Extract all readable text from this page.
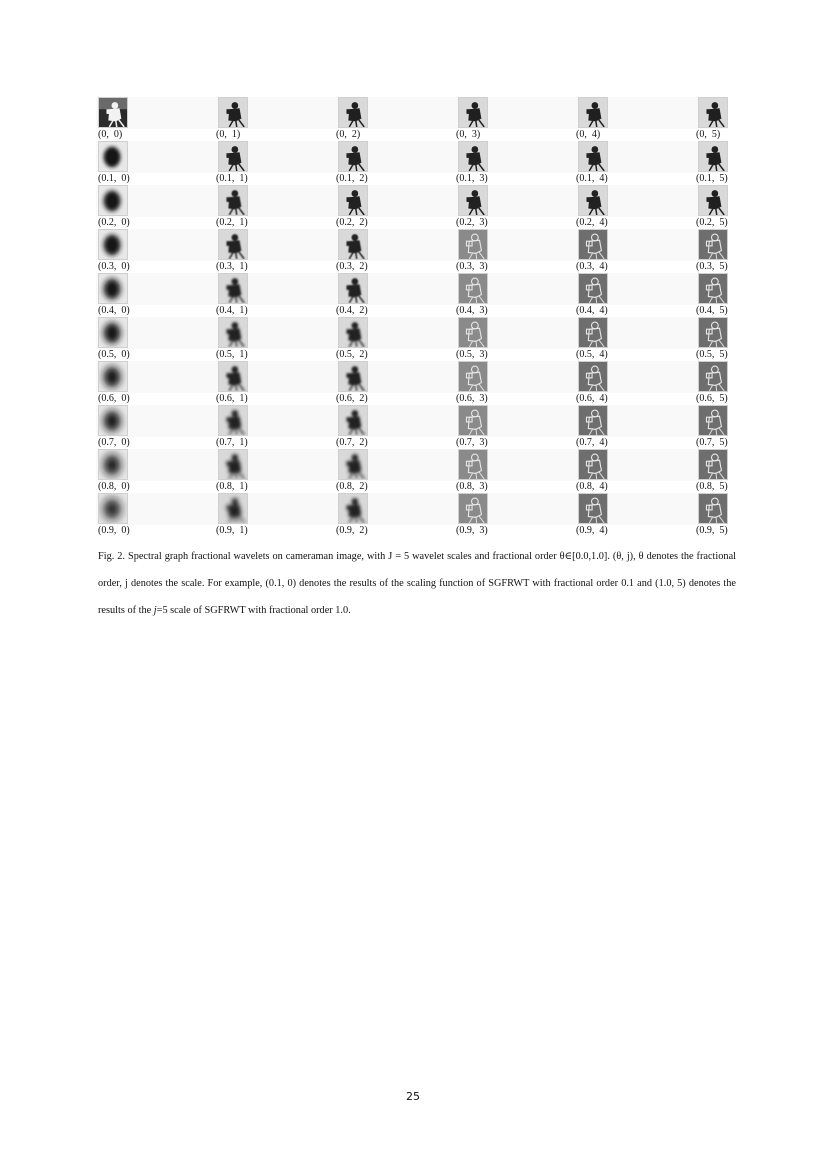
(0,  0)	(0,  1)	(0,  2)	(0,  3)	(0,  4)	(0,  5)
(0.1,  0)	(0.1,  1)	(0.1,  2)	(0.1,  3)	(0.1,  4)	(0.1,  5)
(0.2,  0)	(0.2,  1)	(0.2,  2)	(0.2,  3)	(0.2,  4)	(0.2,  5)
(0.3,  0)	(0.3,  1)	(0.3,  2)	(0.3,  3)	(0.3,  4)	(0.3,  5)
(0.4,  0)	(0.4,  1)	(0.4,  2)	(0.4,  3)	(0.4,  4)	(0.4,  5)
(0.5,  0)	(0.5,  1)	(0.5,  2)	(0.5,  3)	(0.5,  4)	(0.5,  5)
(0.6,  0)	(0.6,  1)	(0.6,  2)	(0.6,  3)	(0.6,  4)	(0.6,  5)
(0.7,  0)	(0.7,  1)	(0.7,  2)	(0.7,  3)	(0.7,  4)	(0.7,  5)
(0.8,  0)	(0.8,  1)	(0.8,  2)	(0.8,  3)	(0.8,  4)	(0.8,  5)
(0.9,  0)	(0.9,  1)	(0.9,  2)	(0.9,  3)	(0.9,  4)	(0.9,  5)

Fig. 2. Spectral graph fractional wavelets on cameraman image, with J = 5 wavelet scales and fractional order θ∈[0.0,1.0]. (θ, j), θ denotes the fractional order, j denotes the scale. For example, (0.1, 0) denotes the results of the scaling function of SGFRWT with fractional order 0.1 and (1.0, 5) denotes the results of the j=5 scale of SGFRWT with fractional order 1.0.

25
